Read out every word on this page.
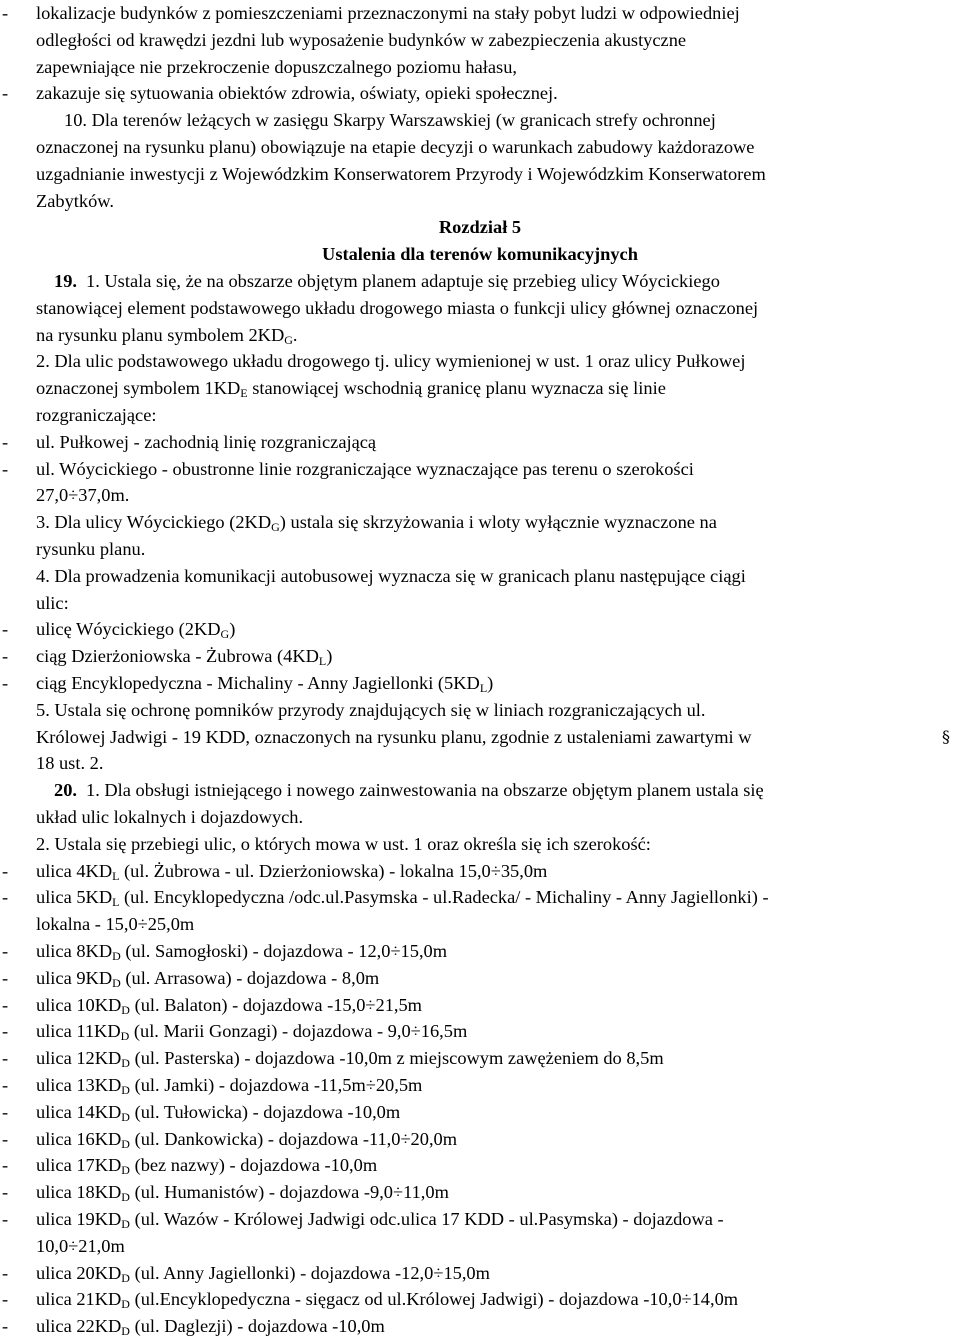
- lokalizacje budynków z pomieszczeniami przeznaczonymi na stały pobyt ludzi w odpowiedniej
odległości od krawędzi jezdni lub wyposażenie budynków w zabezpieczenia akustyczne
zapewniające nie przekroczenie dopuszczalnego poziomu hałasu,
- zakazuje się sytuowania obiektów zdrowia, oświaty, opieki społecznej.
10. Dla terenów leżących w zasięgu Skarpy Warszawskiej (w granicach strefy ochronnej
oznaczonej na rysunku planu) obowiązuje na etapie decyzji o warunkach zabudowy każdorazowe
uzgadnianie inwestycji z Wojewódzkim Konserwatorem Przyrody i Wojewódzkim Konserwatorem
Zabytków.
Rozdział 5
Ustalenia dla terenów komunikacyjnych
19. 1. Ustala się, że na obszarze objętym planem adaptuje się przebieg ulicy Wóycickiego
stanowiącej element podstawowego układu drogowego miasta o funkcji ulicy głównej oznaczonej
na rysunku planu symbolem $2KD_G$.
2. Dla ulic podstawowego układu drogowego tj. ulicy wymienionej w ust. 1 oraz ulicy Pułkowej
oznaczonej symbolem $1KD_E$ stanowiącej wschodnią granicę planu wyznacza się linie
rozgraniczające:
- ul. Pułkowej - zachodnią linię rozgraniczającą
- ul. Wóycickiego - obustronne linie rozgraniczające wyznaczające pas terenu o szerokości
27,0÷37,0m.
3. Dla ulicy Wóycickiego $(2KD_G)$ ustala się skrzyżowania i wloty wyłącznie wyznaczone na
rysunku planu.
4. Dla prowadzenia komunikacji autobusowej wyznacza się w granicach planu następujące ciągi
ulic:
- ulicę Wóycickiego $(2KD_G)$
- ciąg Dzierżoniowska - Żubrowa $(4KD_L)$
- ciąg Encyklopedyczna - Michaliny - Anny Jagiellonki $(5KD_L)$
5. Ustala się ochronę pomników przyrody znajdujących się w liniach rozgraniczających ul.
Królowej Jadwigi - 19 KDD, oznaczonych na rysunku planu, zgodnie z ustaleniami zawartymi w	§
18 ust. 2.
20. 1. Dla obsługi istniejącego i nowego zainwestowania na obszarze objętym planem ustala się
układ ulic lokalnych i dojazdowych.
2. Ustala się przebiegi ulic, o których mowa w ust. 1 oraz określa się ich szerokość:
- ulica $4KD_L$ (ul. Żubrowa - ul. Dzierżoniowska) - lokalna 15,0÷35,0m
- ulica $5KD_L$ (ul. Encyklopedyczna /odc.ul.Pasymska - ul.Radecka/ - Michaliny - Anny Jagiellonki) -
lokalna - 15,0÷25,0m
- ulica $8KD_D$ (ul. Samogłoski) - dojazdowa - 12,0÷15,0m
- ulica $9KD_D$ (ul. Arrasowa) - dojazdowa - 8,0m
- ulica $10KD_D$ (ul. Balaton) - dojazdowa -15,0÷21,5m
- ulica $11KD_D$ (ul. Marii Gonzagi) - dojazdowa - 9,0÷16,5m
- ulica $12KD_D$ (ul. Pasterska) - dojazdowa -10,0m z miejscowym zawężeniem do 8,5m
- ulica $13KD_D$ (ul. Jamki) - dojazdowa -11,5m÷20,5m
- ulica $14KD_D$ (ul. Tułowicka) - dojazdowa -10,0m
- ulica $16KD_D$ (ul. Dankowicka) - dojazdowa -11,0÷20,0m
- ulica $17KD_D$ (bez nazwy) - dojazdowa -10,0m
- ulica $18KD_D$ (ul. Humanistów) - dojazdowa -9,0÷11,0m
- ulica $19KD_D$ (ul. Wazów - Królowej Jadwigi odc.ulica 17 KDD - ul.Pasymska) - dojazdowa -
10,0÷21,0m
- ulica $20KD_D$ (ul. Anny Jagiellonki) - dojazdowa -12,0÷15,0m
- ulica $21KD_D$ (ul.Encyklopedyczna - sięgacz od ul.Królowej Jadwigi) - dojazdowa -10,0÷14,0m
- ulica $22KD_D$ (ul. Daglezji) - dojazdowa -10,0m
